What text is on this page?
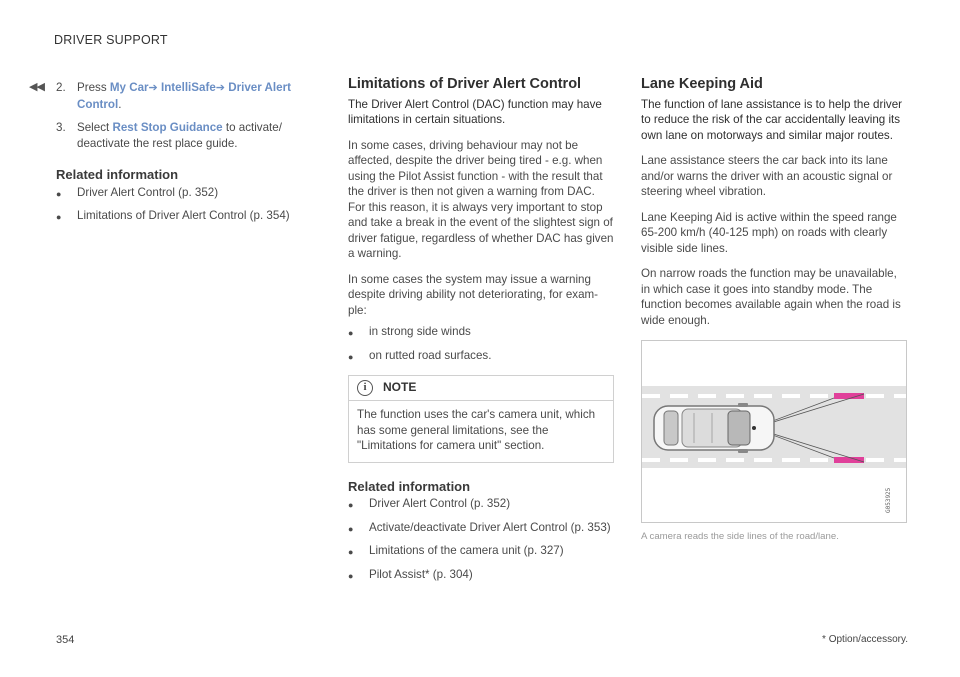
DRIVER SUPPORT
◀◀ 2. Press My Car➔ IntelliSafe➔ Driver Alert Control.
3. Select Rest Stop Guidance to activate/ deactivate the rest place guide.
Related information
●	Driver Alert Control (p. 352)
●	Limitations of Driver Alert Control (p. 354)
Limitations of Driver Alert Control
The Driver Alert Control (DAC) function may have limitations in certain situations.

In some cases, driving behaviour may not be affected, despite the driver being tired - e.g. when using the Pilot Assist function - with the result that the driver is then not given a warning from DAC. For this reason, it is always very important to stop and take a break in the event of the slightest sign of driver fatigue, regardless of whether DAC has given a warning.

In some cases the system may issue a warning despite driving ability not deteriorating, for exam- ple:

●	in strong side winds
●	on rutted road surfaces.
i	NOTE
The function uses the car's camera unit, which has some general limitations, see the "Limitations for camera unit" section.
Related information
●	Driver Alert Control (p. 352)
●	Activate/deactivate Driver Alert Control (p. 353)
●	Limitations of the camera unit (p. 327)
●	Pilot Assist* (p. 304)
Lane Keeping Aid
The function of lane assistance is to help the driver to reduce the risk of the car accidentally leaving its own lane on motorways and similar major routes.

Lane assistance steers the car back into its lane and/or warns the driver with an acoustic signal or steering wheel vibration.

Lane Keeping Aid is active within the speed range 65-200 km/h (40-125 mph) on roads with clearly visible side lines.

On narrow roads the function may be unavailable, in which case it goes into standby mode. The function becomes available again when the road is wide enough.

G053925
A camera reads the side lines of the road/lane.
354	* Option/accessory.
